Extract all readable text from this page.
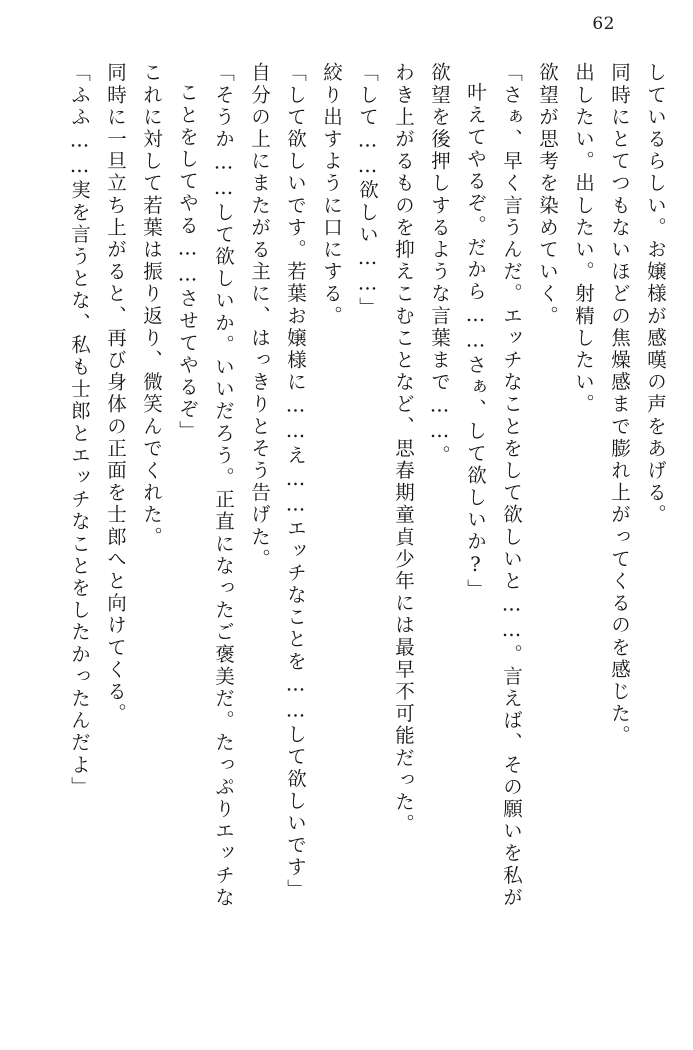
62
しているらしい。お嬢様が感嘆の声をあげる。
同時にとてつもないほどの焦燥感まで膨れ上がってくるのを感じた。
出したい。出したい。射精したい。
欲望が思考を染めていく。
「さぁ、早く言うんだ。エッチなことをして欲しいと……。言えば、その願いを私が
叶えてやるぞ。だから……さぁ、して欲しいか?」
欲望を後押しするような言葉まで……。
わき上がるものを抑えこむことなど、思春期童貞少年には最早不可能だった。
「して……欲しい……」
絞り出すように口にする。
「して欲しいです。若葉お嬢様に……え……エッチなことを……して欲しいです」
自分の上にまたがる主に、はっきりとそう告げた。
「そうか……して欲しいか。いいだろう。正直になったご褒美だ。たっぷりエッチな
ことをしてやる……させてやるぞ」
これに対して若葉は振り返り、微笑んでくれた。
同時に一旦立ち上がると、再び身体の正面を士郎へと向けてくる。
「ふふ……実を言うとな、私も士郎とエッチなことをしたかったんだよ」
